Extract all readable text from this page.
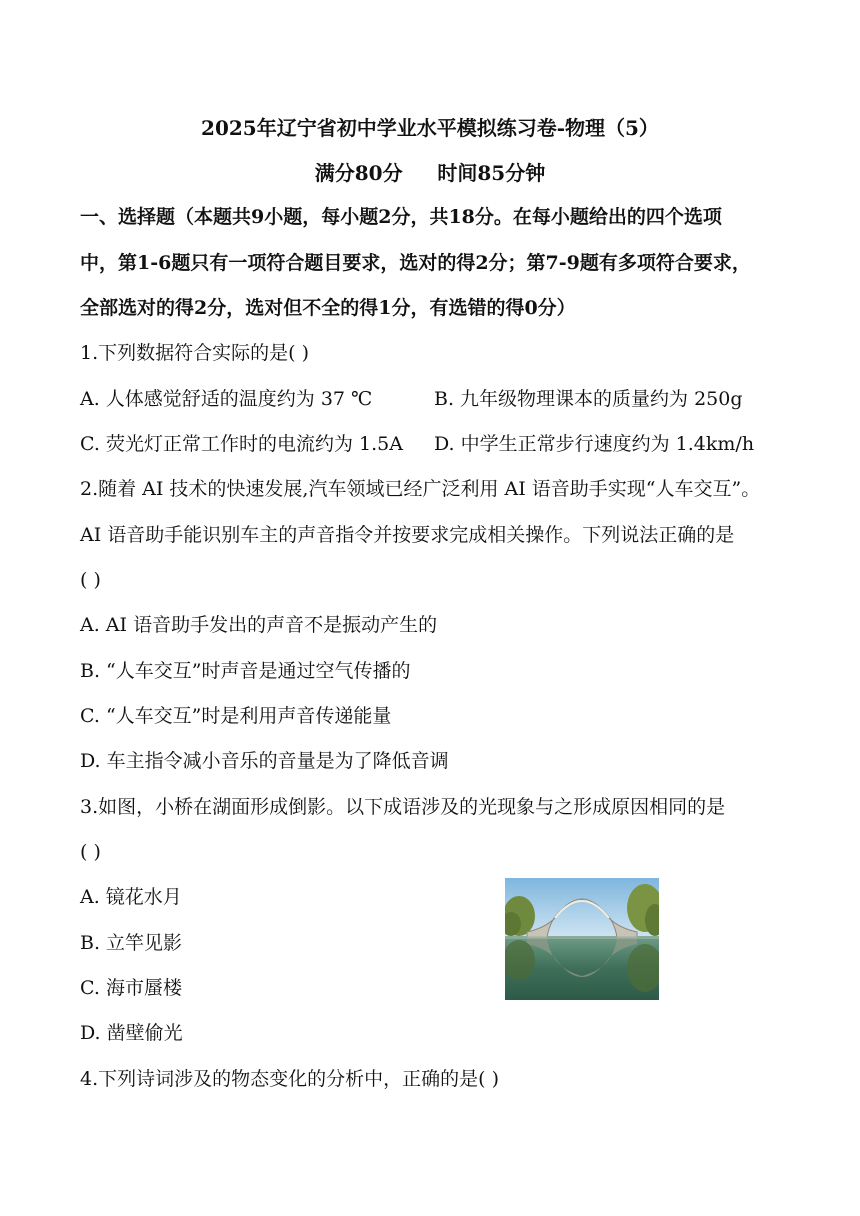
2025年辽宁省初中学业水平模拟练习卷-物理（5）
满分80分     时间85分钟
一、选择题（本题共9小题，每小题2分，共18分。在每小题给出的四个选项
中，第1-6题只有一项符合题目要求，选对的得2分；第7-9题有多项符合要求，
全部选对的得2分，选对但不全的得1分，有选错的得0分）
1.下列数据符合实际的是( )
A. 人体感觉舒适的温度约为 37 ℃	B. 九年级物理课本的质量约为 250g
C. 荧光灯正常工作时的电流约为 1.5A D. 中学生正常步行速度约为 1.4km/h
2.随着 AI 技术的快速发展,汽车领域已经广泛利用 AI 语音助手实现“人车交互”。
AI 语音助手能识别车主的声音指令并按要求完成相关操作。下列说法正确的是
( )
A. AI 语音助手发出的声音不是振动产生的
B. “人车交互”时声音是通过空气传播的
C. “人车交互”时是利用声音传递能量
D. 车主指令减小音乐的音量是为了降低音调
3.如图，小桥在湖面形成倒影。以下成语涉及的光现象与之形成原因相同的是
( )
A. 镜花水月
B. 立竿见影
C. 海市蜃楼
D. 凿壁偷光
4.下列诗词涉及的物态变化的分析中，正确的是( )
